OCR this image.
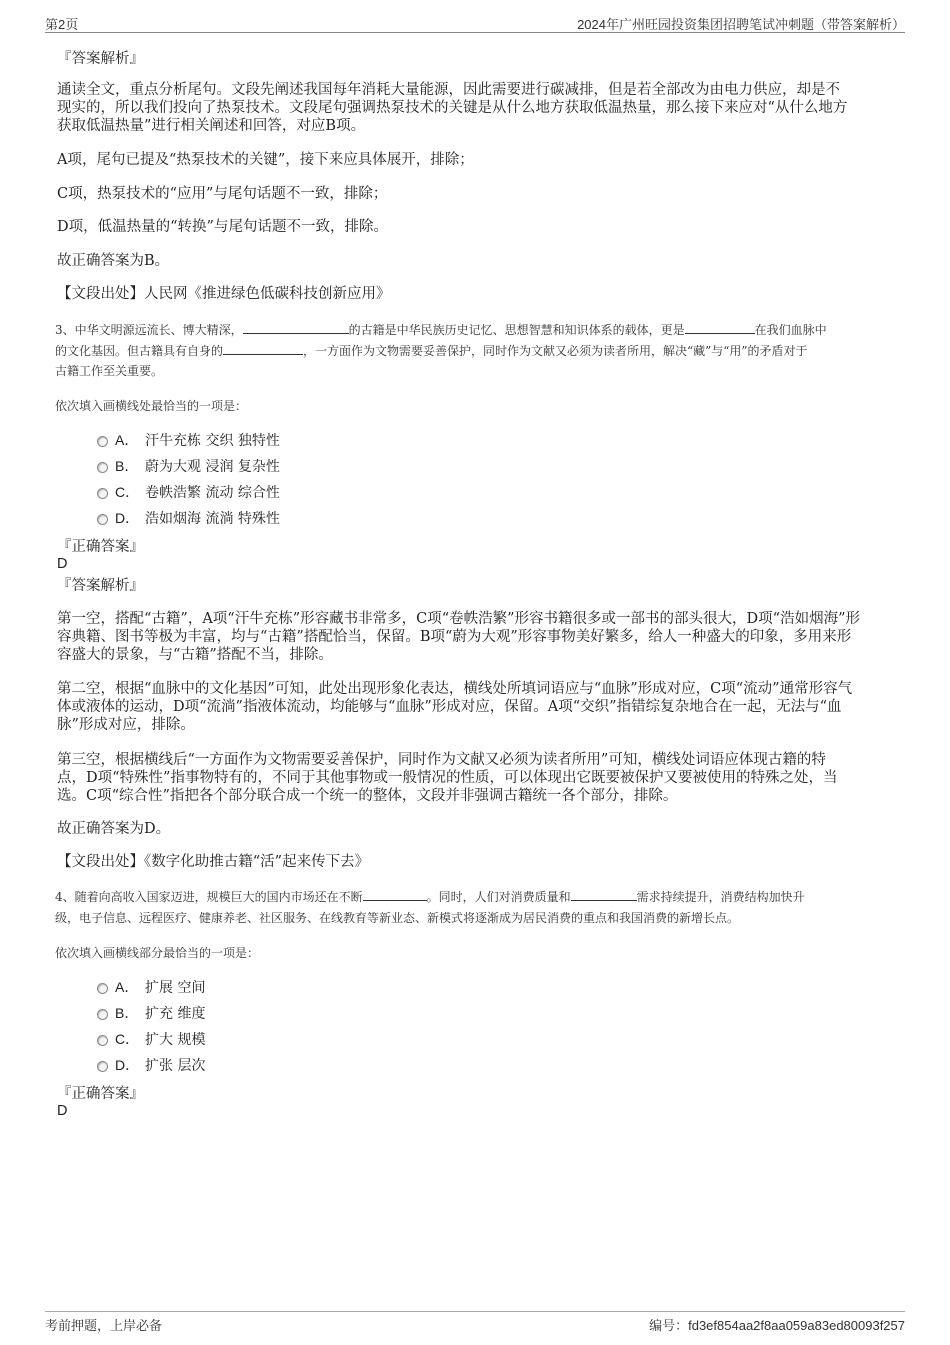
第2页	2024年广州旺园投资集团招聘笔试冲刺题（带答案解析）
『答案解析』
通读全文，重点分析尾句。文段先阐述我国每年消耗大量能源，因此需要进行碳减排，但是若全部改为由电力供应，却是不
现实的，所以我们投向了热泵技术。文段尾句强调热泵技术的关键是从什么地方获取低温热量，那么接下来应对“从什么地方
获取低温热量”进行相关阐述和回答，对应B项。
A项，尾句已提及“热泵技术的关键”，接下来应具体展开，排除；
C项，热泵技术的“应用”与尾句话题不一致，排除；
D项，低温热量的“转换”与尾句话题不一致，排除。
故正确答案为B。
【文段出处】人民网《推进绿色低碳科技创新应用》
3、中华文明源远流长、博大精深，	的古籍是中华民族历史记忆、思想智慧和知识体系的载体，更是	在我们血脉中
的文化基因。但古籍具有自身的	，一方面作为文物需要妥善保护，同时作为文献又必须为读者所用，解决“藏”与“用”的矛盾对于
古籍工作至关重要。
依次填入画横线处最恰当的一项是：
A． 汗牛充栋 交织 独特性
B． 蔚为大观 浸润 复杂性
C． 卷帙浩繁 流动 综合性
D． 浩如烟海 流淌 特殊性
『正确答案』
D
『答案解析』
第一空，搭配“古籍”，A项“汗牛充栋”形容藏书非常多，C项“卷帙浩繁”形容书籍很多或一部书的部头很大，D项“浩如烟海”形
容典籍、图书等极为丰富，均与“古籍”搭配恰当，保留。B项“蔚为大观”形容事物美好繁多，给人一种盛大的印象，多用来形
容盛大的景象，与“古籍”搭配不当，排除。
第二空，根据“血脉中的文化基因”可知，此处出现形象化表达，横线处所填词语应与“血脉”形成对应，C项“流动”通常形容气
体或液体的运动，D项“流淌”指液体流动，均能够与“血脉”形成对应，保留。A项“交织”指错综复杂地合在一起，无法与“血
脉”形成对应，排除。
第三空，根据横线后“一方面作为文物需要妥善保护，同时作为文献又必须为读者所用”可知，横线处词语应体现古籍的特
点，D项“特殊性”指事物特有的，不同于其他事物或一般情况的性质，可以体现出它既要被保护又要被使用的特殊之处，当
选。C项“综合性”指把各个部分联合成一个统一的整体，文段并非强调古籍统一各个部分，排除。
故正确答案为D。
【文段出处】《数字化助推古籍“活”起来传下去》
4、随着向高收入国家迈进，规模巨大的国内市场还在不断	。同时，人们对消费质量和	需求持续提升，消费结构加快升
级，电子信息、远程医疗、健康养老、社区服务、在线教育等新业态、新模式将逐渐成为居民消费的重点和我国消费的新增长点。
依次填入画横线部分最恰当的一项是：
A． 扩展 空间
B． 扩充 维度
C． 扩大 规模
D． 扩张 层次
『正确答案』
D
考前押题，上岸必备	编号：fd3ef854aa2f8aa059a83ed80093f257
